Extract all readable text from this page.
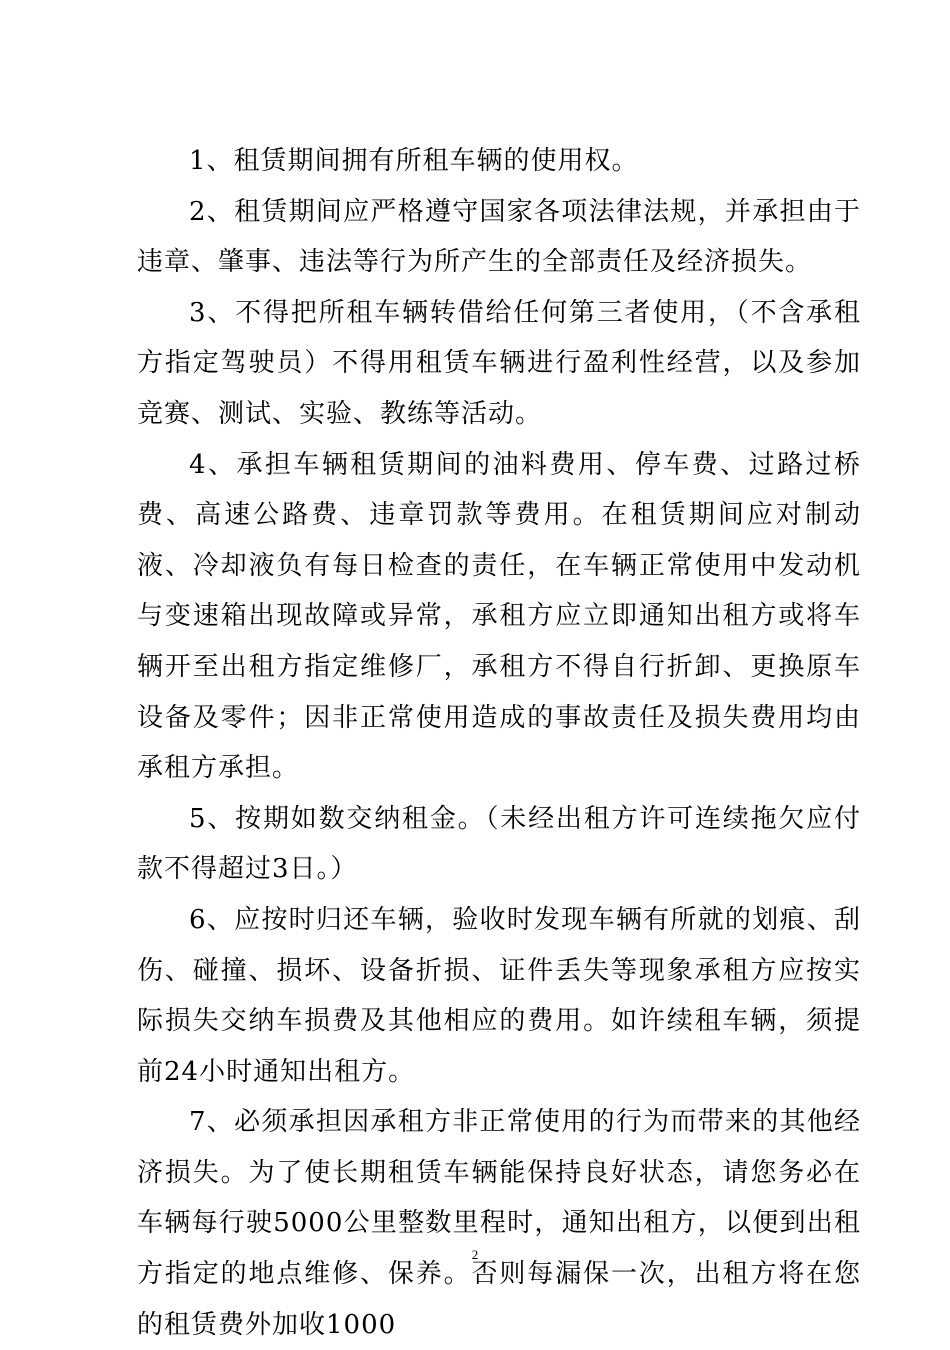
1、租赁期间拥有所租车辆的使用权。

2、租赁期间应严格遵守国家各项法律法规，并承担由于违章、肇事、违法等行为所产生的全部责任及经济损失。

3、不得把所租车辆转借给任何第三者使用，（不含承租方指定驾驶员）不得用租赁车辆进行盈利性经营，以及参加竞赛、测试、实验、教练等活动。

4、承担车辆租赁期间的油料费用、停车费、过路过桥费、高速公路费、违章罚款等费用。在租赁期间应对制动液、冷却液负有每日检查的责任，在车辆正常使用中发动机与变速箱出现故障或异常，承租方应立即通知出租方或将车辆开至出租方指定维修厂，承租方不得自行折卸、更换原车设备及零件；因非正常使用造成的事故责任及损失费用均由承租方承担。

5、按期如数交纳租金。（未经出租方许可连续拖欠应付款不得超过3日。）

6、应按时归还车辆，验收时发现车辆有所就的划痕、刮伤、碰撞、损坏、设备折损、证件丢失等现象承租方应按实际损失交纳车损费及其他相应的费用。如许续租车辆，须提前24小时通知出租方。

7、必须承担因承租方非正常使用的行为而带来的其他经济损失。为了使长期租赁车辆能保持良好状态，请您务必在车辆每行驶5000公里整数里程时，通知出租方，以便到出租方指定的地点维修、保养。否则每漏保一次，出租方将在您的租赁费外加收1000

2
